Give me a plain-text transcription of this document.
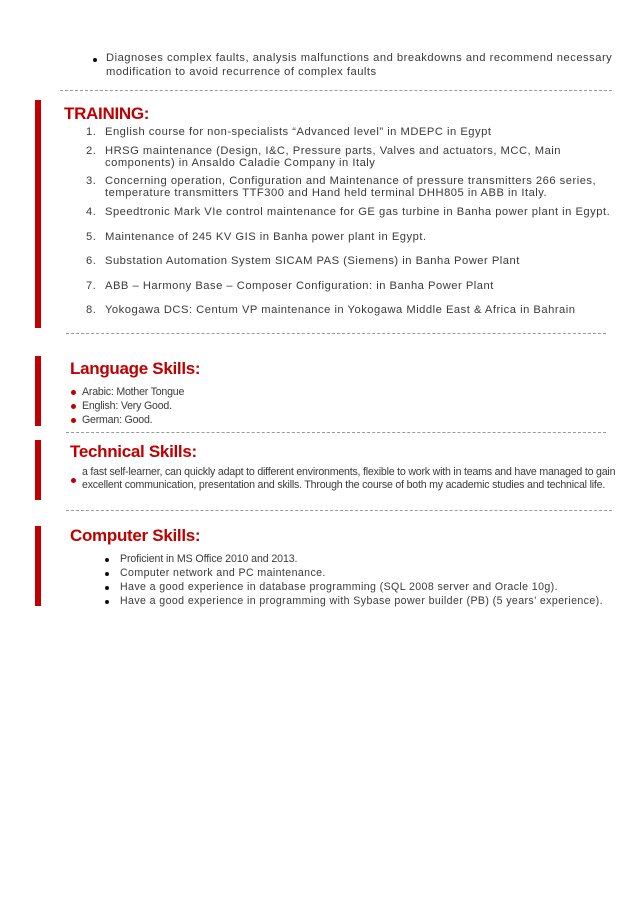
Diagnoses complex faults, analysis malfunctions and breakdowns and recommend necessary
modification to avoid recurrence of complex faults
TRAINING:
1. English course for non-specialists “Advanced level” in MDEPC in Egypt
2. HRSG maintenance (Design, I&C, Pressure parts, Valves and actuators, MCC, Main
components) in Ansaldo Caladie Company in Italy
3. Concerning operation, Configuration and Maintenance of pressure transmitters 266 series,
temperature transmitters TTF300 and Hand held terminal DHH805 in ABB in Italy.
4. Speedtronic Mark VIe control maintenance for GE gas turbine in Banha power plant in Egypt.
5. Maintenance of 245 KV GIS in Banha power plant in Egypt.
6. Substation Automation System SICAM PAS (Siemens) in Banha Power Plant
7. ABB – Harmony Base – Composer Configuration: in Banha Power Plant
8. Yokogawa DCS: Centum VP maintenance in Yokogawa Middle East & Africa in Bahrain
Language Skills:
Arabic: Mother Tongue
English: Very Good.
German: Good.
Technical Skills:
a fast self-learner, can quickly adapt to different environments, flexible to work with in teams and have managed to gain
excellent communication, presentation and skills. Through the course of both my academic studies and technical life.
Computer Skills:
Proficient in MS Office 2010 and 2013.
Computer network and PC maintenance.
Have a good experience in database programming (SQL 2008 server and Oracle 10g).
Have a good experience in programming with Sybase power builder (PB) (5 years’ experience).
